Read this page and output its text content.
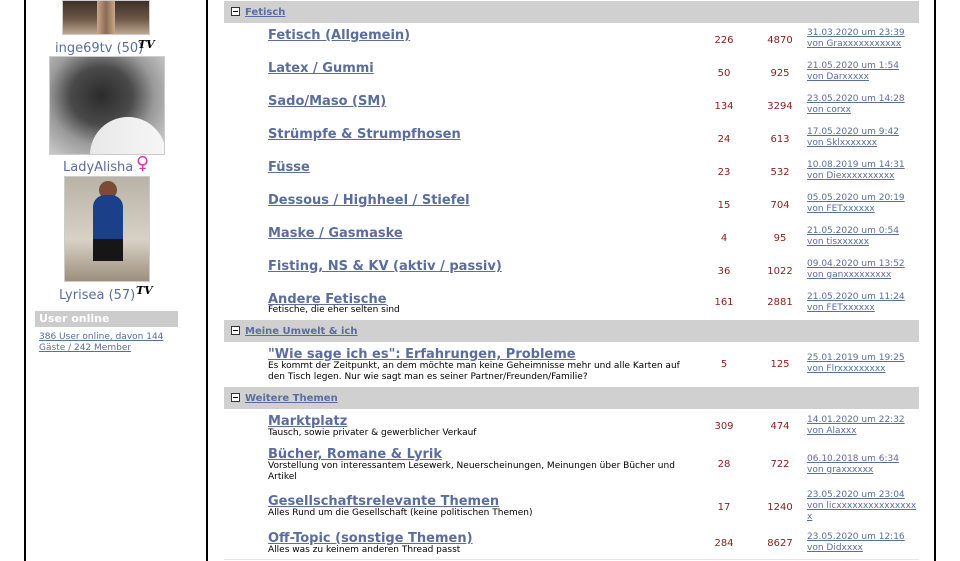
inge69tv (50)
TV
LadyAlisha ♀
Lyrisea (57) TV
User online
386 User online, davon 144 Gäste / 242 Member
Fetisch
Fetisch (Allgemein)	226	4870
31.03.2020 um 23:39
von Graxxxxxxxxxxx
Latex / Gummi	50	925
21.05.2020 um 1:54
von Darxxxxx
Sado/Maso (SM)	134	3294
23.05.2020 um 14:28
von corxx
Strümpfe & Strumpfhosen	24	613
17.05.2020 um 9:42
von Sklxxxxxxx
Füsse	23	532
10.08.2019 um 14:31
von Diexxxxxxxxxx
Dessous / Highheel / Stiefel	15	704
05.05.2020 um 20:19
von FETxxxxxx
Maske / Gasmaske	4	95
21.05.2020 um 0:54
von tisxxxxxx
Fisting, NS & KV (aktiv / passiv)	36	1022
09.04.2020 um 13:52
von ganxxxxxxxxx
Andere Fetische
Fetische, die eher selten sind
161	2881	21.05.2020 um 11:24
von FETxxxxxx
Meine Umwelt & ich
"Wie sage ich es": Erfahrungen, Probleme
Es kommt der Zeitpunkt, an dem möchte man keine Geheimnisse mehr und alle Karten auf den Tisch legen. Nur wie sagt man es seiner Partner/Freunden/Familie?
5	125
25.01.2019 um 19:25
von Flrxxxxxxxxx
Weitere Themen
Marktplatz
Tausch, sowie privater & gewerblicher Verkauf
309	474
14.01.2020 um 22:32
von Alaxxx
Bücher, Romane & Lyrik
Vorstellung von interessantem Lesewerk, Neuerscheinungen, Meinungen über Bücher und Artikel
28	722	06.10.2018 um 6:34
von graxxxxxx
Gesellschaftsrelevante Themen
Alles Rund um die Gesellschaft (keine politischen Themen)	17	1240
23.05.2020 um 23:04
von licxxxxxxxxxxxxxxxx
Off-Topic (sonstige Themen)
Alles was zu keinem anderen Thread passt
284	8627
23.05.2020 um 12:16
von Didxxxx
